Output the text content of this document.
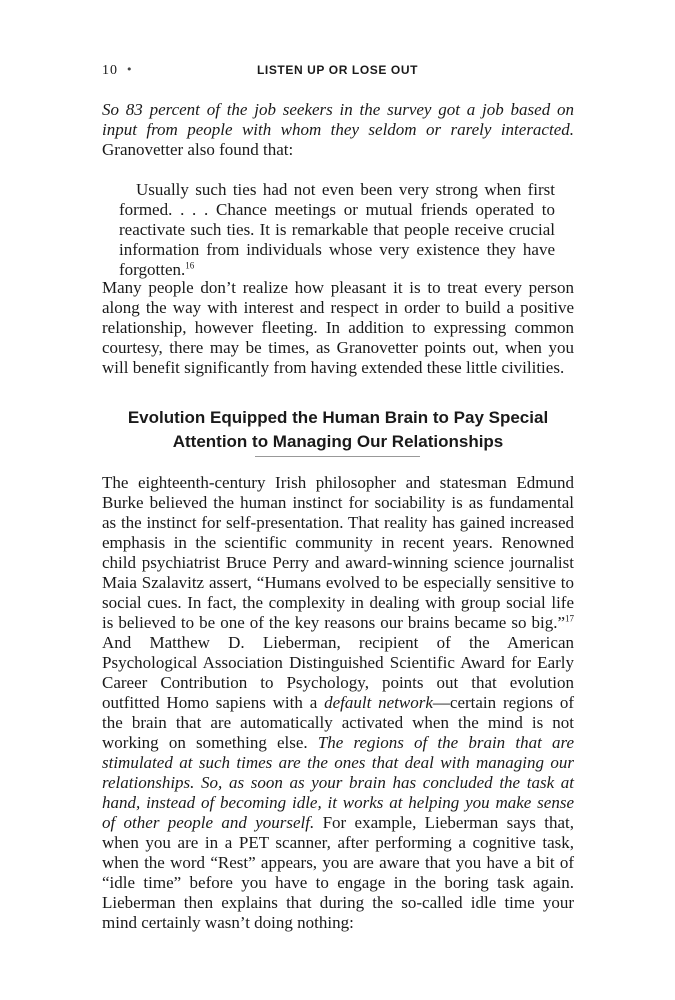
10 •	LISTEN UP OR LOSE OUT

So 83 percent of the job seekers in the survey got a job based on input from people with whom they seldom or rarely interacted. Granovetter also found that:

 Usually such ties had not even been very strong when first formed. . . . Chance meetings or mutual friends operated to reactivate such ties. It is remarkable that people receive crucial information from individuals whose very existence they have forgotten.$^{16}$

Many people don’t realize how pleasant it is to treat every person along the way with interest and respect in order to build a positive relationship, however fleeting. In addition to expressing common courtesy, there may be times, as Granovetter points out, when you will benefit significantly from having extended these little civilities.

Evolution Equipped the Human Brain to Pay Special
Attention to Managing Our Relationships

The eighteenth-century Irish philosopher and statesman Edmund Burke believed the human instinct for sociability is as fundamental as the instinct for self-presentation. That reality has gained increased emphasis in the scientific community in recent years. Renowned child psychiatrist Bruce Perry and award-winning science journalist Maia Szalavitz assert, “Humans evolved to be especially sensitive to social cues. In fact, the complexity in dealing with group social life is believed to be one of the key reasons our brains became so big.”$^{17}$ And Matthew D. Lieberman, recipient of the American Psychological Association Distinguished Scientific Award for Early Career Contribution to Psychology, points out that evolution outfitted Homo sapiens with a default network—certain regions of the brain that are automatically activated when the mind is not working on something else. The regions of the brain that are stimulated at such times are the ones that deal with managing our relationships. So, as soon as your brain has concluded the task at hand, instead of becoming idle, it works at helping you make sense of other people and yourself. For example, Lieberman says that, when you are in a PET scanner, after performing a cognitive task, when the word “Rest” appears, you are aware that you have a bit of “idle time” before you have to engage in the boring task again. Lieberman then explains that during the so-called idle time your mind certainly wasn’t doing nothing:
